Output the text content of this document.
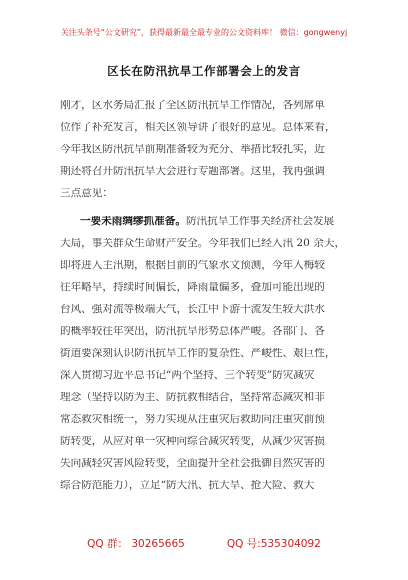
关注头条号“公文研究”，获得最新最全最专业的公文资料库！ 微信：gongwenyj
区长在防汛抗旱工作部署会上的发言
刚才，区水务局汇报了全区防汛抗旱工作情况，各列席单
位作了补充发言，相关区领导讲了很好的意见。总体来看，
今年我区防汛抗旱前期准备较为充分、举措比较扎实，近
期还将召开防汛抗旱大会进行专题部署。这里，我再强调
三点意见：
一要未雨绸缪抓准备。防汛抗旱工作事关经济社会发展
大局，事关群众生命财产安全。今年我们已经入汛 20 余天，
即将进入主汛期，根据目前的气象水文预测，今年入梅较
往年略早，持续时间偏长，降雨量偏多，叠加可能出现的
台风、强对流等极端天气，长江中下游干流发生较大洪水
的概率较往年突出，防汛抗旱形势总体严峻。各部门、各
街道要深刻认识防汛抗旱工作的复杂性、严峻性、艰巨性，
深入贯彻习近平总书记“两个坚持、三个转变”防灾减灾
理念（坚持以防为主、防抗救相结合，坚持常态减灾和非
常态救灾相统一，努力实现从注重灾后救助向注重灾前预
防转变，从应对单一灾种向综合减灾转变，从减少灾害损
失向减轻灾害风险转变，全面提升全社会抵御自然灾害的
综合防范能力），立足“防大汛、抗大旱、抢大险、救大
QQ 群： 30265665	QQ 号:535304092
